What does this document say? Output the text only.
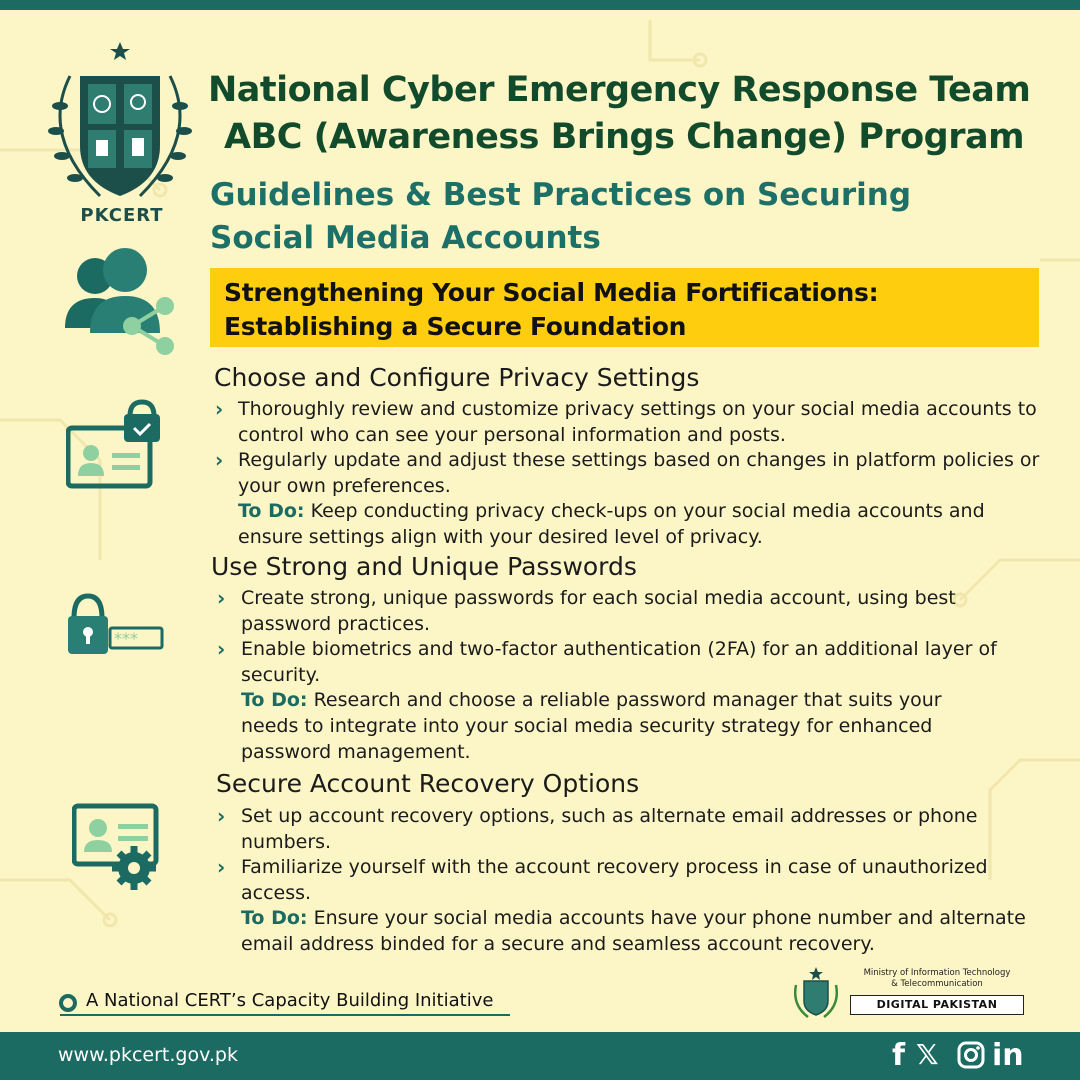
PKCERT
National Cyber Emergency Response Team
ABC (Awareness Brings Change) Program
Guidelines & Best Practices on Securing
Social Media Accounts
Strengthening Your Social Media Fortifications:
Establishing a Secure Foundation
Choose and Configure Privacy Settings
› Thoroughly review and customize privacy settings on your social media accounts to control who can see your personal information and posts.
› Regularly update and adjust these settings based on changes in platform policies or your own preferences.
To Do: Keep conducting privacy check-ups on your social media accounts and ensure settings align with your desired level of privacy.
***
Use Strong and Unique Passwords
› Create strong, unique passwords for each social media account, using best password practices.
› Enable biometrics and two-factor authentication (2FA) for an additional layer of security.
To Do: Research and choose a reliable password manager that suits your needs to integrate into your social media security strategy for enhanced password management.
Secure Account Recovery Options
› Set up account recovery options, such as alternate email addresses or phone numbers.
› Familiarize yourself with the account recovery process in case of unauthorized access.
To Do: Ensure your social media accounts have your phone number and alternate email address binded for a secure and seamless account recovery.
A National CERT’s Capacity Building Initiative
Ministry of Information Technology & Telecommunication
DIGITAL PAKISTAN
www.pkcert.gov.pk	f 𝕏 in
